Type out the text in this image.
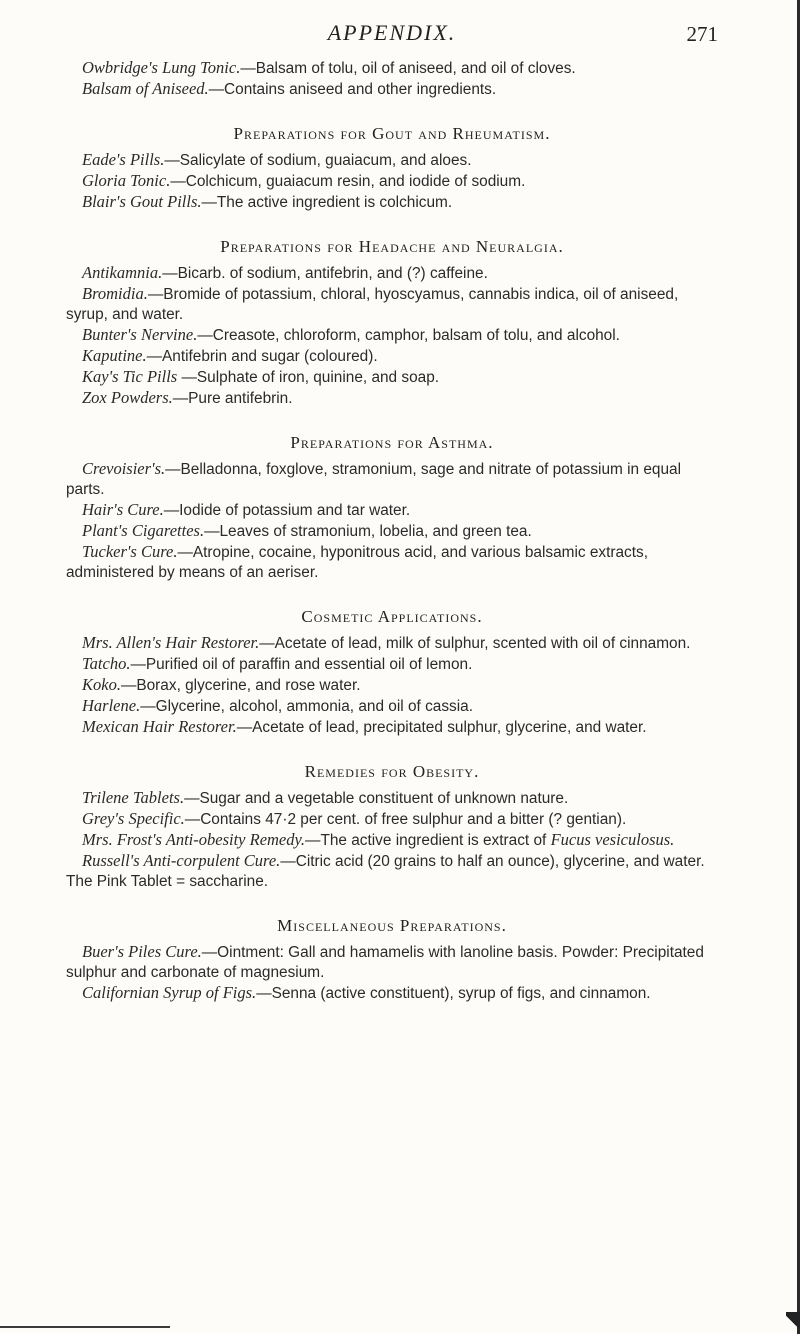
APPENDIX.	271

Owbridge's Lung Tonic.—Balsam of tolu, oil of aniseed, and oil of cloves.

Balsam of Aniseed.—Contains aniseed and other ingredients.

Preparations for Gout and Rheumatism.

Eade's Pills.—Salicylate of sodium, guaiacum, and aloes.

Gloria Tonic.—Colchicum, guaiacum resin, and iodide of sodium.

Blair's Gout Pills.—The active ingredient is colchicum.

Preparations for Headache and Neuralgia.

Antikamnia.—Bicarb. of sodium, antifebrin, and (?) caffeine.

Bromidia.—Bromide of potassium, chloral, hyoscyamus, cannabis indica, oil of aniseed, syrup, and water.

Bunter's Nervine.—Creasote, chloroform, camphor, balsam of tolu, and alcohol.

Kaputine.—Antifebrin and sugar (coloured).

Kay's Tic Pills —Sulphate of iron, quinine, and soap.

Zox Powders.—Pure antifebrin.

Preparations for Asthma.

Crevoisier's.—Belladonna, foxglove, stramonium, sage and nitrate of potassium in equal parts.

Hair's Cure.—Iodide of potassium and tar water.

Plant's Cigarettes.—Leaves of stramonium, lobelia, and green tea.

Tucker's Cure.—Atropine, cocaine, hyponitrous acid, and various balsamic extracts, administered by means of an aeriser.

Cosmetic Applications.

Mrs. Allen's Hair Restorer.—Acetate of lead, milk of sulphur, scented with oil of cinnamon.

Tatcho.—Purified oil of paraffin and essential oil of lemon.

Koko.—Borax, glycerine, and rose water.

Harlene.—Glycerine, alcohol, ammonia, and oil of cassia.

Mexican Hair Restorer.—Acetate of lead, precipitated sulphur, glycerine, and water.

Remedies for Obesity.

Trilene Tablets.—Sugar and a vegetable constituent of unknown nature.

Grey's Specific.—Contains 47·2 per cent. of free sulphur and a bitter (? gentian).

Mrs. Frost's Anti-obesity Remedy.—The active ingredient is extract of Fucus vesiculosus.

Russell's Anti-corpulent Cure.—Citric acid (20 grains to half an ounce), glycerine, and water. The Pink Tablet = saccharine.

Miscellaneous Preparations.

Buer's Piles Cure.—Ointment: Gall and hamamelis with lanoline basis. Powder: Precipitated sulphur and carbonate of magnesium.

Californian Syrup of Figs.—Senna (active constituent), syrup of figs, and cinnamon.
